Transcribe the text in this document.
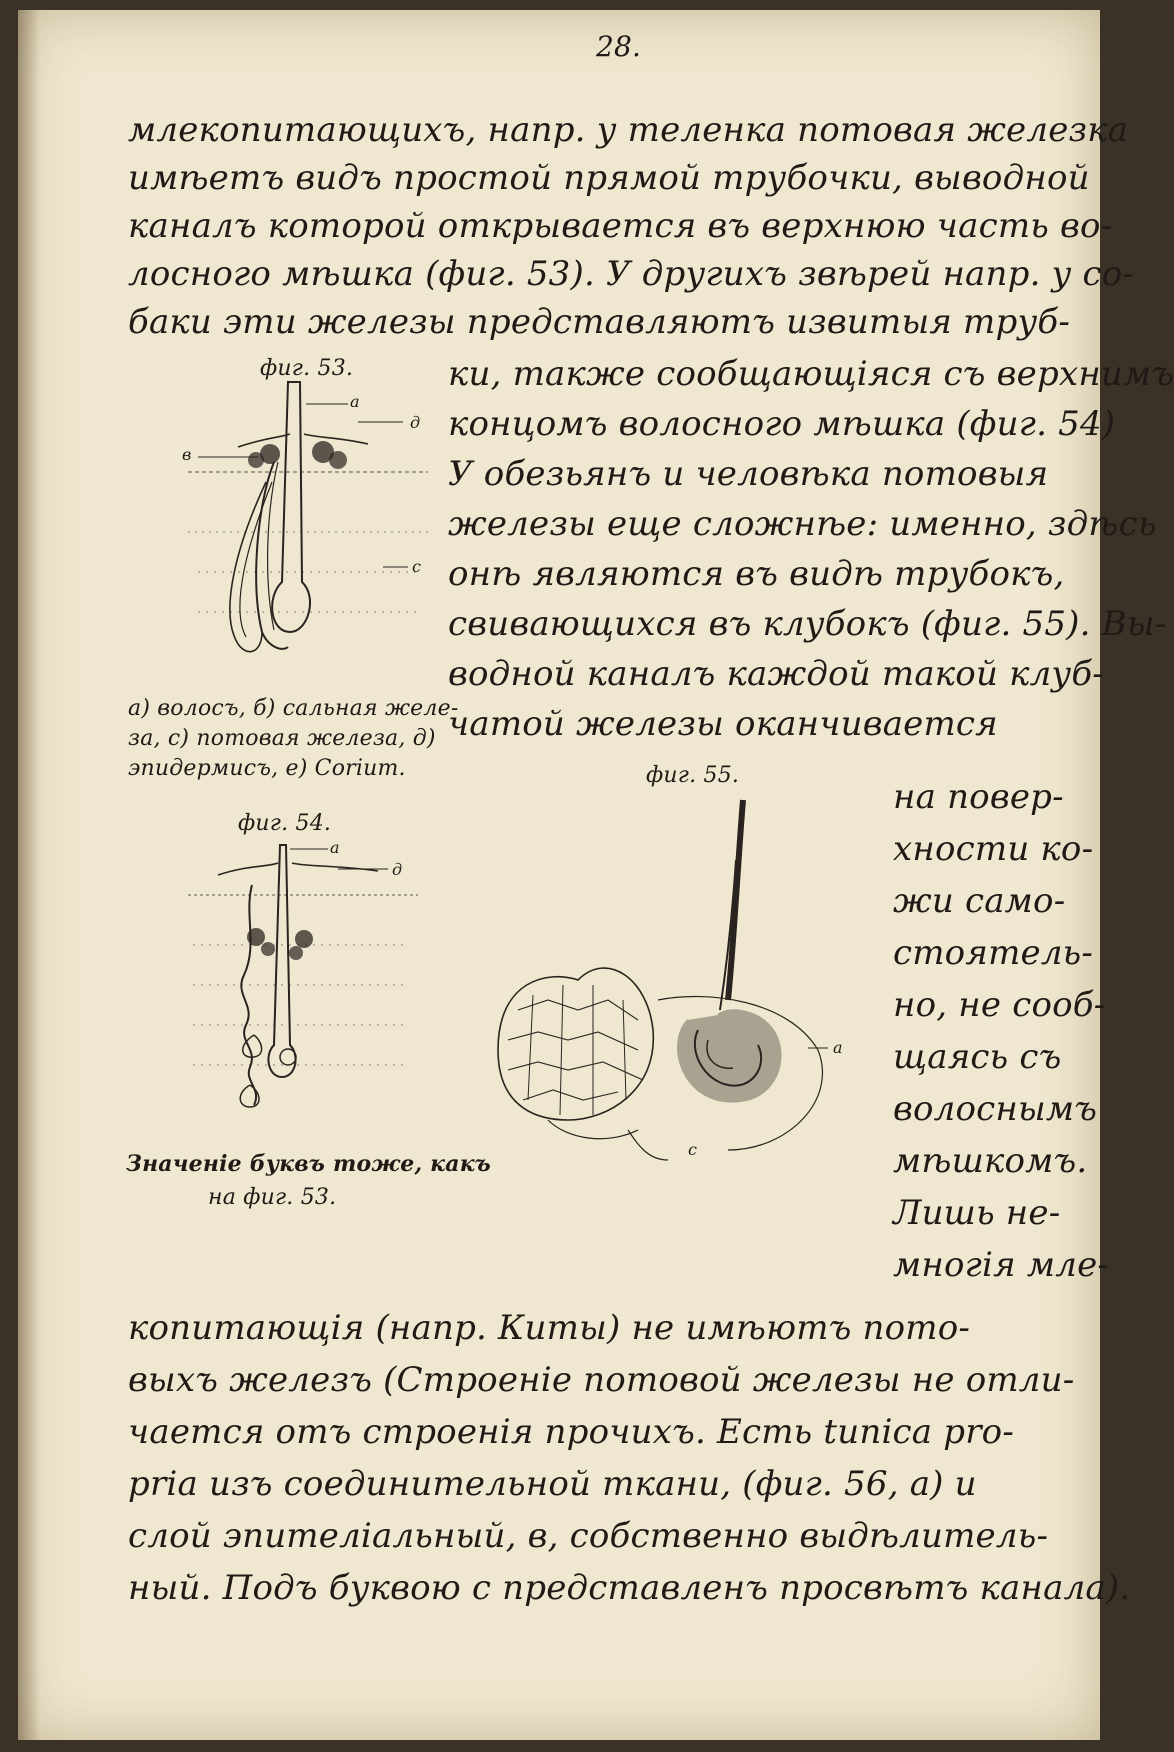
28.
млекопитающихъ, напр. у теленка потовая железка
имѣетъ видъ простой прямой трубочки, выводной
каналъ которой открывается въ верхнюю часть во-
лосного мѣшка (фиг. 53). У другихъ звѣрей напр. у со-
баки эти железы представляютъ извитыя труб-
ки, также сообщающiяся съ верхнимъ
концомъ волосного мѣшка (фиг. 54)
У обезьянъ и человѣка потовыя
железы еще сложнѣе: именно, здѣсь
онѣ являются въ видѣ трубокъ,
свивающихся въ клубокъ (фиг. 55). Вы-
водной каналъ каждой такой клуб-
чатой железы оканчивается
на повер-
хности ко-
жи само-
стоятель-
но, не сооб-
щаясь съ
волоснымъ
мѣшкомъ.
Лишь не-
многiя мле-
копитающiя (напр. Киты) не имѣютъ пото-
выхъ железъ (Строенiе потовой железы не отли-
чается отъ строенiя прочихъ. Есть tunica pro-
pria изъ соединительной ткани, (фиг. 56, а) и
слой эпителiальный, в, собственно выдѣлитель-
ный. Подъ буквою с представленъ просвѣтъ канала).
фиг. 53.
а
д
в
с
а) волосъ, б) сальная желе-
за, с) потовая железа, д)
эпидермисъ, е) Corium.
фиг. 54.
а
д
Значенiе буквъ тоже, какъ
на фиг. 53.
фиг. 55.
а
с
